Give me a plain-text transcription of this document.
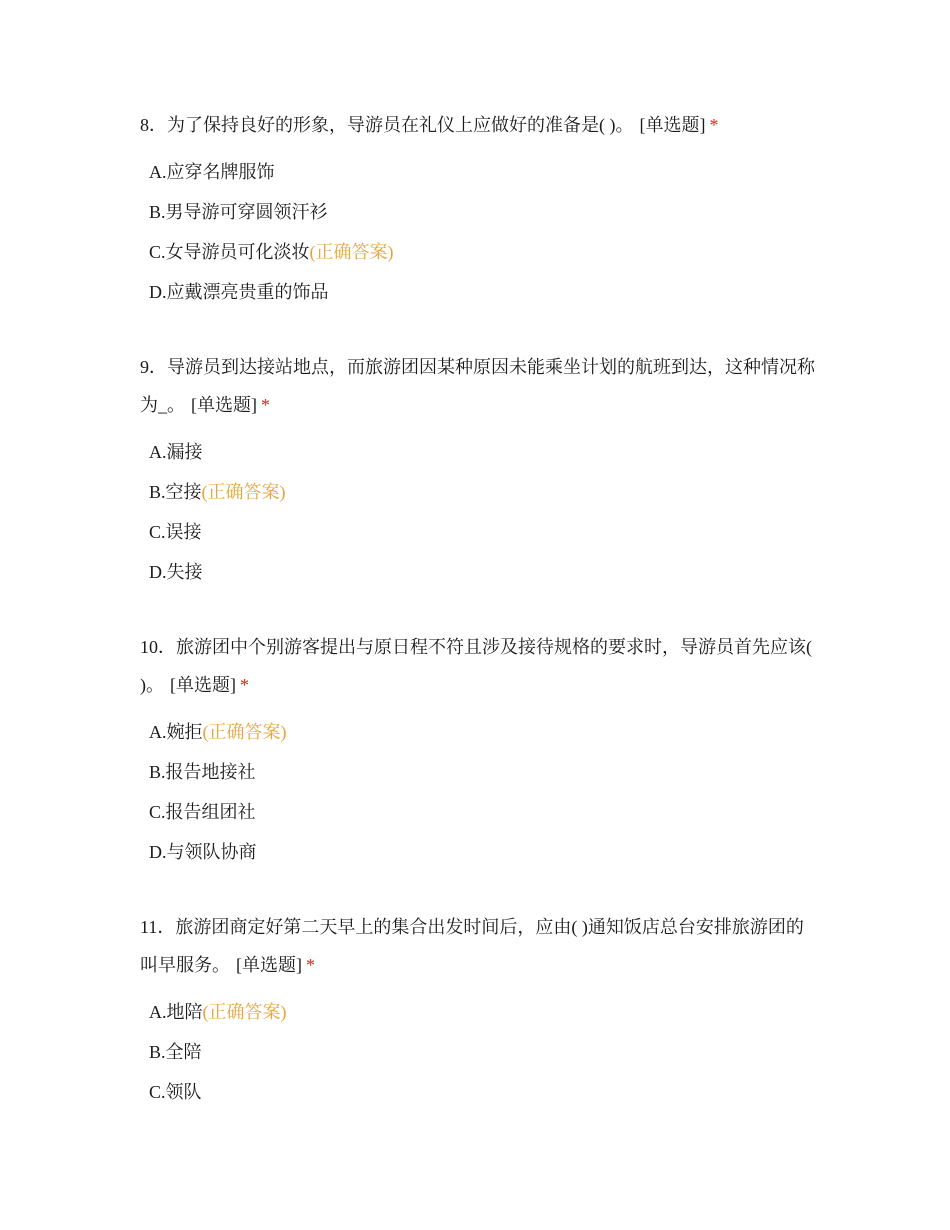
8．为了保持良好的形象，导游员在礼仪上应做好的准备是( )。 [单选题] *

A.应穿名牌服饰
B.男导游可穿圆领汗衫
C.女导游员可化淡妆(正确答案)
D.应戴漂亮贵重的饰品

9．导游员到达接站地点，而旅游团因某种原因未能乘坐计划的航班到达，这种情况称为_。 [单选题] *

A.漏接
B.空接(正确答案)
C.误接
D.失接

10．旅游团中个别游客提出与原日程不符且涉及接待规格的要求时，导游员首先应该( )。 [单选题] *

A.婉拒(正确答案)
B.报告地接社
C.报告组团社
D.与领队协商

11．旅游团商定好第二天早上的集合出发时间后，应由( )通知饭店总台安排旅游团的叫早服务。 [单选题] *

A.地陪(正确答案)
B.全陪
C.领队
